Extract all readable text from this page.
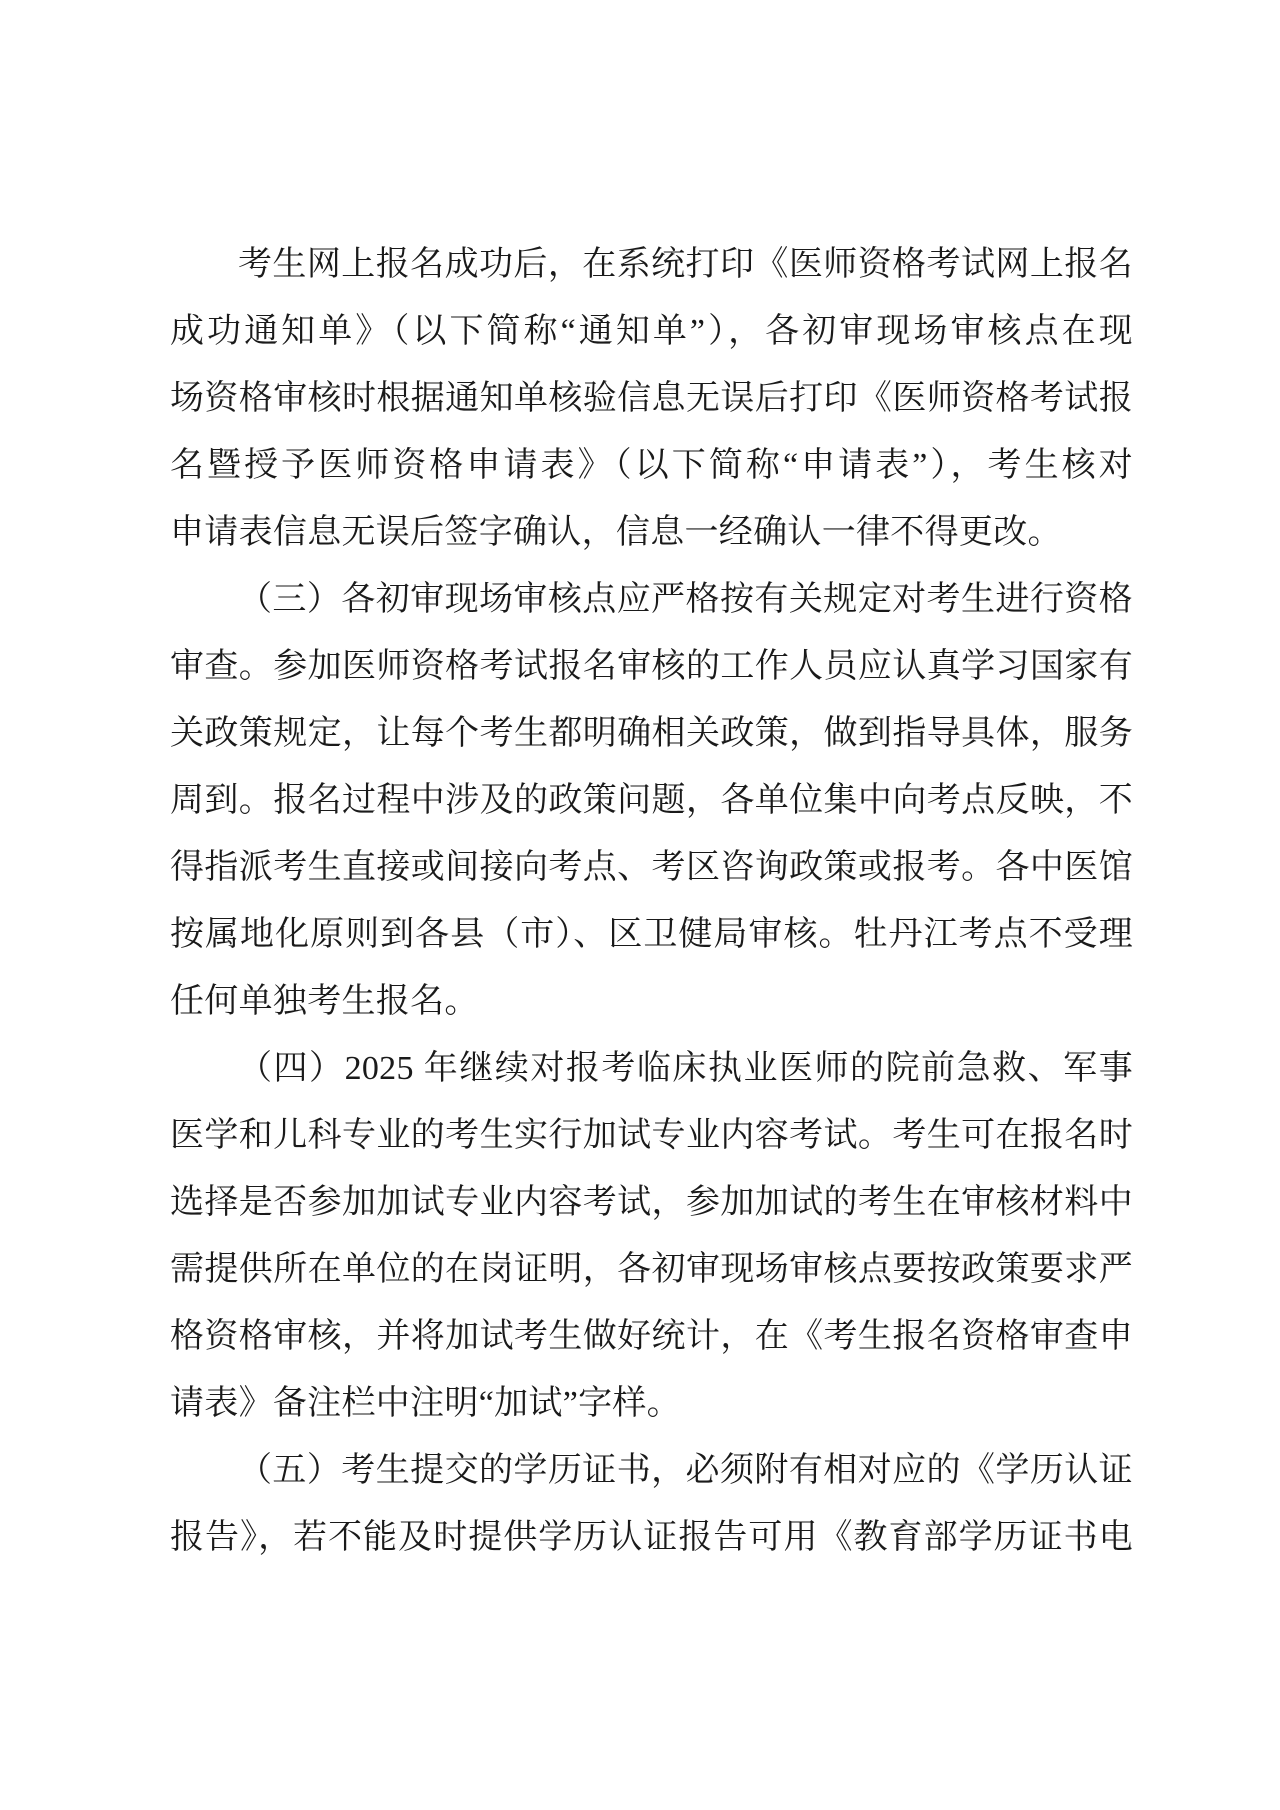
考生网上报名成功后，在系统打印《医师资格考试网上报名
成功通知单》（以下简称“通知单”），各初审现场审核点在现
场资格审核时根据通知单核验信息无误后打印《医师资格考试报
名暨授予医师资格申请表》（以下简称“申请表”），考生核对
申请表信息无误后签字确认，信息一经确认一律不得更改。
（三）各初审现场审核点应严格按有关规定对考生进行资格
审查。参加医师资格考试报名审核的工作人员应认真学习国家有
关政策规定，让每个考生都明确相关政策，做到指导具体，服务
周到。报名过程中涉及的政策问题，各单位集中向考点反映，不
得指派考生直接或间接向考点、考区咨询政策或报考。各中医馆
按属地化原则到各县（市）、区卫健局审核。牡丹江考点不受理
任何单独考生报名。
（四）2025 年继续对报考临床执业医师的院前急救、军事
医学和儿科专业的考生实行加试专业内容考试。考生可在报名时
选择是否参加加试专业内容考试，参加加试的考生在审核材料中
需提供所在单位的在岗证明，各初审现场审核点要按政策要求严
格资格审核，并将加试考生做好统计，在《考生报名资格审查申
请表》备注栏中注明“加试”字样。
（五）考生提交的学历证书，必须附有相对应的《学历认证
报告》，若不能及时提供学历认证报告可用《教育部学历证书电
